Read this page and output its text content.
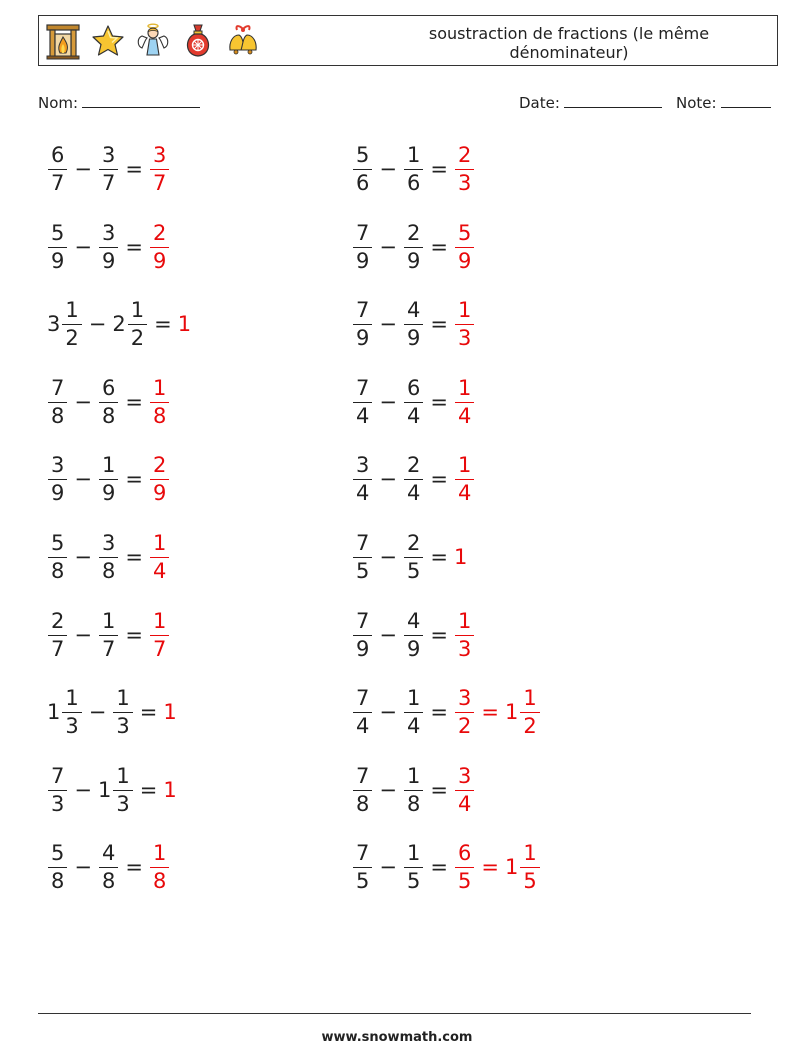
soustraction de fractions (le même dénominateur)
Nom:	Date:	Note:
$\frac{6}{7} - \frac{3}{7} = \frac{3}{7}$
$\frac{5}{9} - \frac{3}{9} = \frac{2}{9}$
$3 \frac{1}{2} - 2 \frac{1}{2} = 1$
$\frac{7}{8} - \frac{6}{8} = \frac{1}{8}$
$\frac{3}{9} - \frac{1}{9} = \frac{2}{9}$
$\frac{5}{8} - \frac{3}{8} = \frac{1}{4}$
$\frac{2}{7} - \frac{1}{7} = \frac{1}{7}$
$1 \frac{1}{3} - \frac{1}{3} = 1$
$\frac{7}{3} - 1 \frac{1}{3} = 1$
$\frac{5}{8} - \frac{4}{8} = \frac{1}{8}$
$\frac{5}{6} - \frac{1}{6} = \frac{2}{3}$
$\frac{7}{9} - \frac{2}{9} = \frac{5}{9}$
$\frac{7}{9} - \frac{4}{9} = \frac{1}{3}$
$\frac{7}{4} - \frac{6}{4} = \frac{1}{4}$
$\frac{3}{4} - \frac{2}{4} = \frac{1}{4}$
$\frac{7}{5} - \frac{2}{5} = 1$
$\frac{7}{9} - \frac{4}{9} = \frac{1}{3}$
$\frac{7}{4} - \frac{1}{4} = \frac{3}{2} = 1 \frac{1}{2}$
$\frac{7}{8} - \frac{1}{8} = \frac{3}{4}$
$\frac{7}{5} - \frac{1}{5} = \frac{6}{5} = 1 \frac{1}{5}$
www.snowmath.com
